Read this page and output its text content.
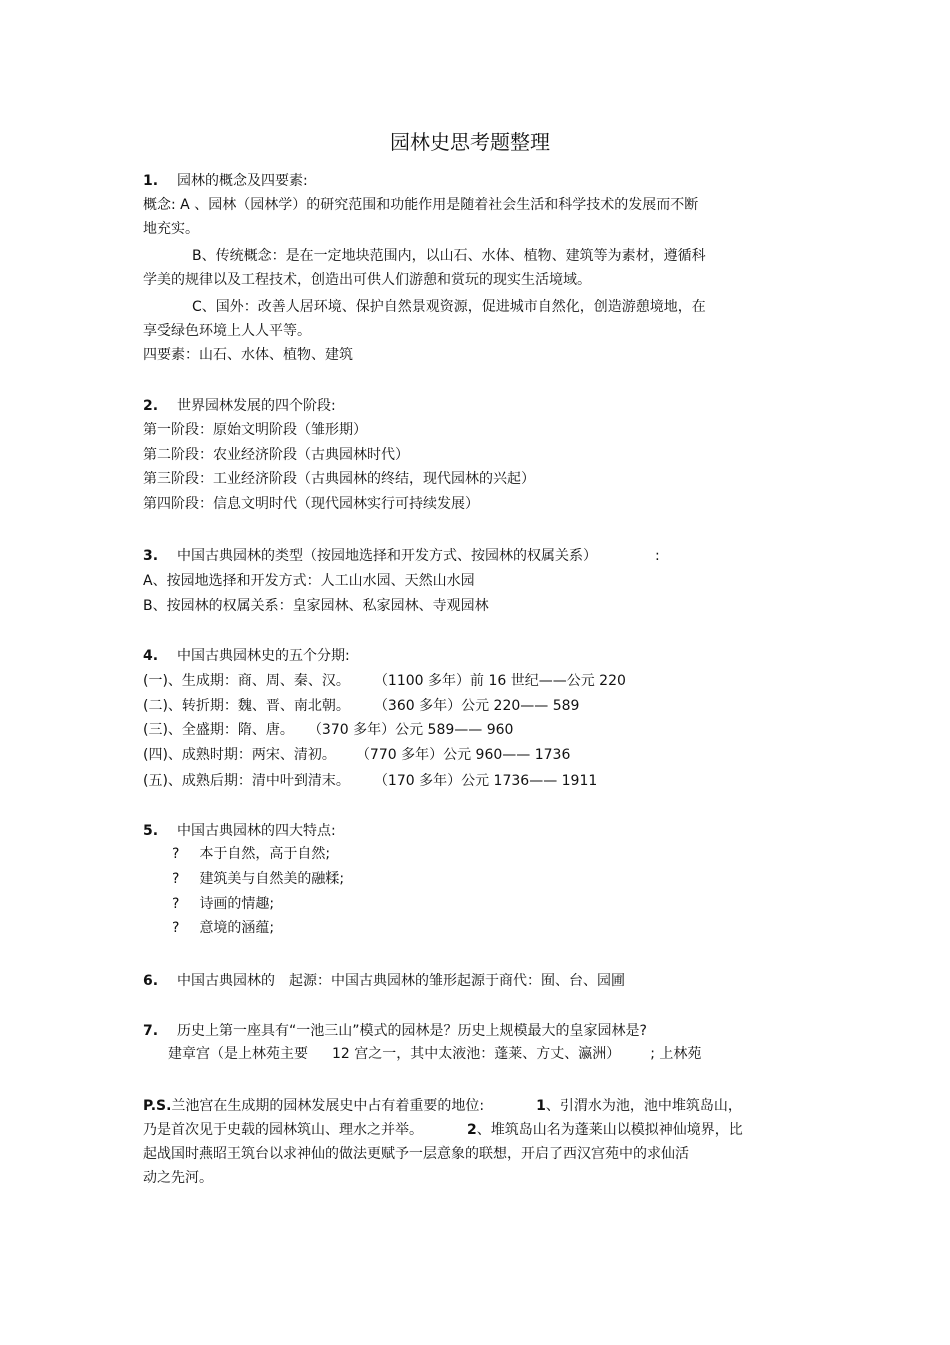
园林史思考题整理
1. 园林的概念及四要素:
概念: A 、园林（园林学）的研究范围和功能作用是随着社会生活和科学技术的发展而不断
地充实。
B、传统概念：是在一定地块范围内，以山石、水体、植物、建筑等为素材，遵循科
学美的规律以及工程技术，创造出可供人们游憩和赏玩的现实生活境域。
C、国外：改善人居环境、保护自然景观资源，促进城市自然化，创造游憩境地，在
享受绿色环境上人人平等。
四要素：山石、水体、植物、建筑
2. 世界园林发展的四个阶段:
第一阶段：原始文明阶段（雏形期）
第二阶段：农业经济阶段（古典园林时代）
第三阶段：工业经济阶段（古典园林的终结，现代园林的兴起）
第四阶段：信息文明时代（现代园林实行可持续发展）
3. 中国古典园林的类型（按园地选择和开发方式、按园林的权属关系）	:
A、按园地选择和开发方式：人工山水园、天然山水园
B、按园林的权属关系：皇家园林、私家园林、寺观园林
4. 中国古典园林史的五个分期:
(一)、生成期：商、周、秦、汉。 （1100 多年）前 16 世纪——公元 220
(二)、转折期：魏、晋、南北朝。 （360 多年）公元 220—— 589
(三)、全盛期：隋、唐。 （370 多年）公元 589—— 960
(四)、成熟时期：两宋、清初。 （770 多年）公元 960—— 1736
(五)、成熟后期：清中叶到清末。 （170 多年）公元 1736—— 1911
5. 中国古典园林的四大特点:
? 本于自然，高于自然;
? 建筑美与自然美的融糅;
? 诗画的情趣;
? 意境的涵蕴;
6. 中国古典园林的 起源：中国古典园林的雏形起源于商代：囿、台、园圃
7. 历史上第一座具有“一池三山”模式的园林是？历史上规模最大的皇家园林是?
建章宫（是上林苑主要 12 宫之一，其中太液池：蓬莱、方丈、瀛洲） ; 上林苑
P.S.兰池宫在生成期的园林发展史中占有着重要的地位:	1、引渭水为池，池中堆筑岛山，
乃是首次见于史载的园林筑山、理水之并举。	2、堆筑岛山名为蓬莱山以模拟神仙境界，比
起战国时燕昭王筑台以求神仙的做法更赋予一层意象的联想，开启了西汉宫苑中的求仙活
动之先河。
